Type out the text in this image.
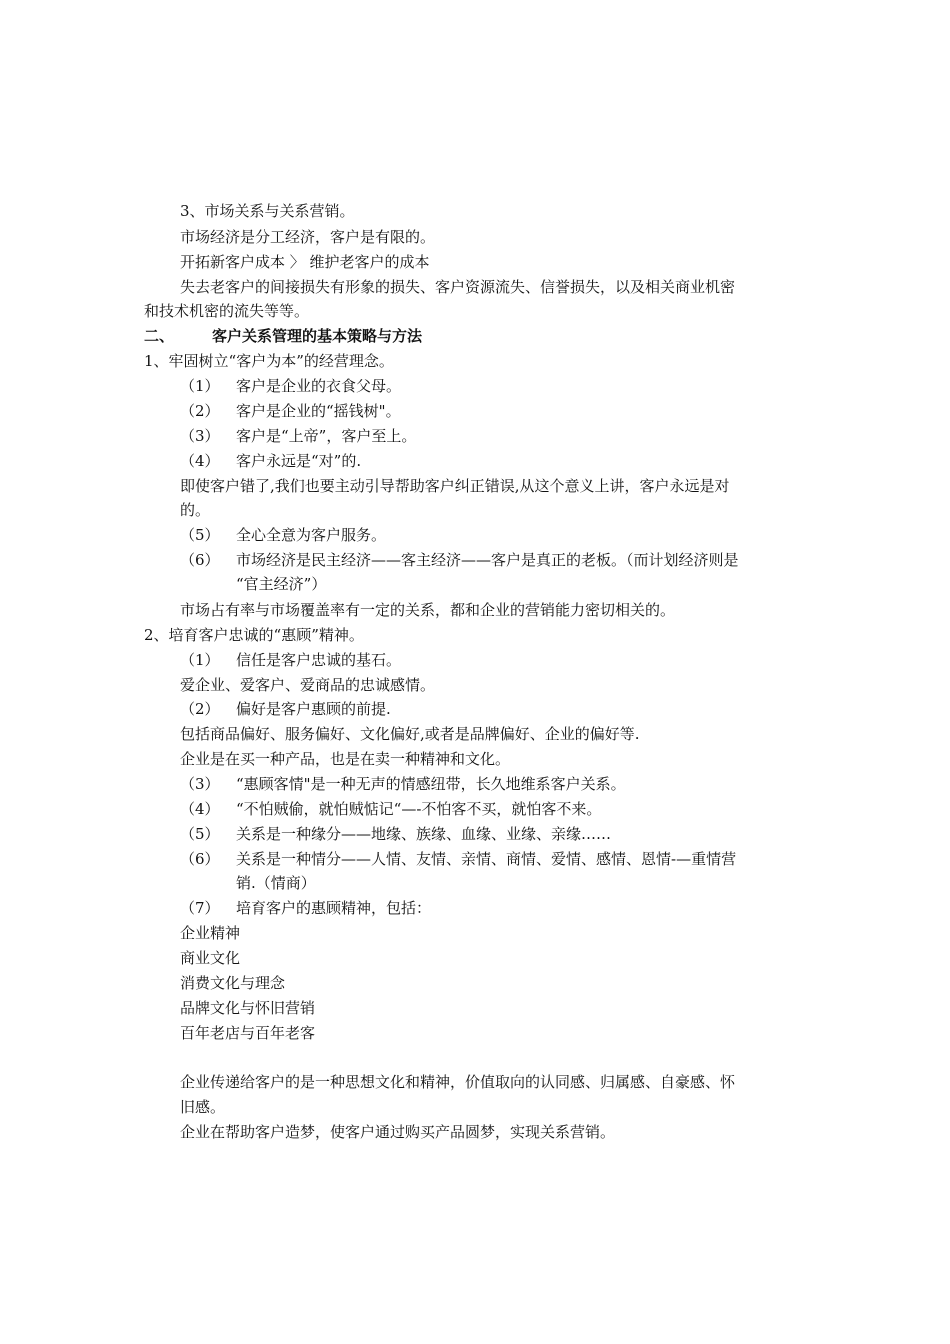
3、市场关系与关系营销。
市场经济是分工经济，客户是有限的。
开拓新客户成本 〉 维护老客户的成本
失去老客户的间接损失有形象的损失、客户资源流失、信誉损失，以及相关商业机密
和技术机密的流失等等。
二、	客户关系管理的基本策略与方法
1、牢固树立“客户为本”的经营理念。
（1） 客户是企业的衣食父母。
（2） 客户是企业的“摇钱树"。
（3） 客户是“上帝”，客户至上。
（4） 客户永远是“对”的.
即使客户错了,我们也要主动引导帮助客户纠正错误,从这个意义上讲，客户永远是对
的。
（5） 全心全意为客户服务。
（6） 市场经济是民主经济——客主经济——客户是真正的老板。（而计划经济则是
“官主经济”）
市场占有率与市场覆盖率有一定的关系，都和企业的营销能力密切相关的。
2、培育客户忠诚的“惠顾”精神。
（1） 信任是客户忠诚的基石。
爱企业、爱客户、爱商品的忠诚感情。
（2） 偏好是客户惠顾的前提.
包括商品偏好、服务偏好、文化偏好,或者是品牌偏好、企业的偏好等.
企业是在买一种产品，也是在卖一种精神和文化。
（3） “惠顾客情"是一种无声的情感纽带，长久地维系客户关系。
（4） “不怕贼偷，就怕贼惦记“—-不怕客不买，就怕客不来。
（5） 关系是一种缘分——地缘、族缘、血缘、业缘、亲缘……
（6） 关系是一种情分——人情、友情、亲情、商情、爱情、感情、恩情-—重情营
销.（情商）
（7） 培育客户的惠顾精神，包括：
企业精神
商业文化
消费文化与理念
品牌文化与怀旧营销
百年老店与百年老客
企业传递给客户的是一种思想文化和精神，价值取向的认同感、归属感、自豪感、怀
旧感。
企业在帮助客户造梦，使客户通过购买产品圆梦，实现关系营销。
